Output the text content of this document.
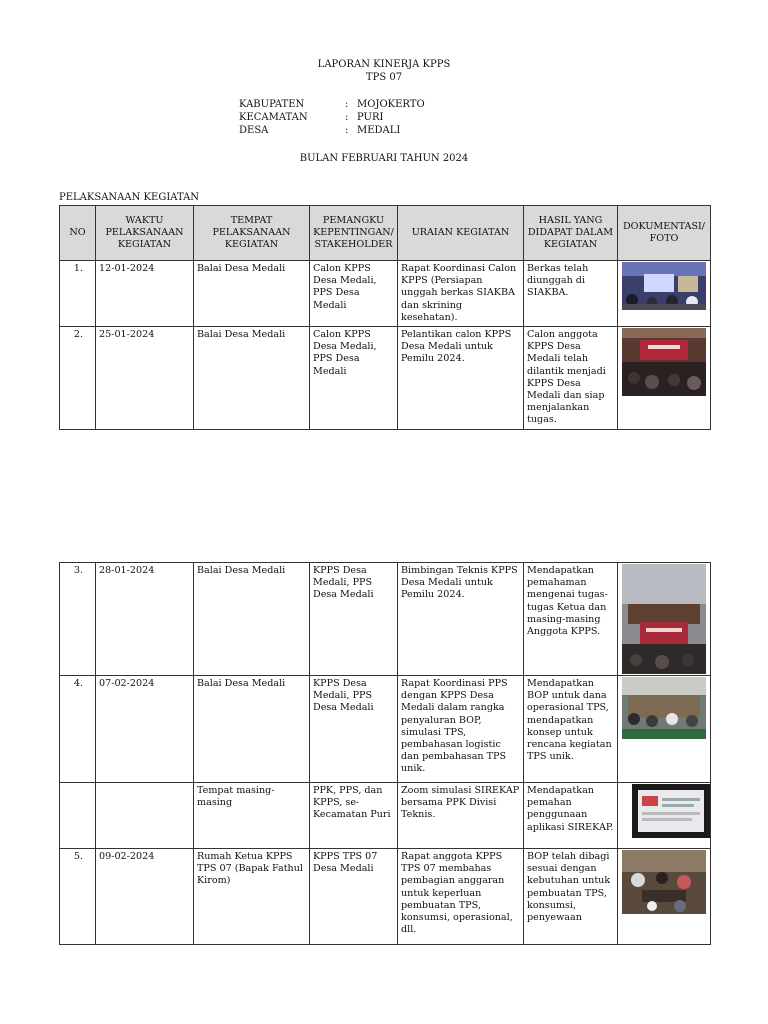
LAPORAN KINERJA KPPS
TPS 07
KABUPATEN	: MOJOKERTO
KECAMATAN	: PURI
DESA	: MEDALI
BULAN FEBRUARI TAHUN 2024
PELAKSANAAN KEGIATAN
NO	WAKTU PELAKSANAAN KEGIATAN	TEMPAT PELAKSANAAN KEGIATAN	PEMANGKU KEPENTINGAN/ STAKEHOLDER	URAIAN KEGIATAN	HASIL YANG DIDAPAT DALAM KEGIATAN	DOKUMENTASI/ FOTO
1.	12-01-2024	Balai Desa Medali	Calon KPPS Desa Medali, PPS Desa Medali	Rapat Koordinasi Calon KPPS (Persiapan unggah berkas SIAKBA dan skrining kesehatan).	Berkas telah diunggah di SIAKBA.	

2.	25-01-2024	Balai Desa Medali	Calon KPPS Desa Medali, PPS Desa Medali	Pelantikan calon KPPS Desa Medali untuk Pemilu 2024.	Calon anggota KPPS Desa Medali telah dilantik menjadi KPPS Desa Medali dan siap menjalankan tugas.	
3.	28-01-2024	Balai Desa Medali	KPPS Desa Medali, PPS Desa Medali	Bimbingan Teknis KPPS Desa Medali untuk Pemilu 2024.	Mendapatkan pemahaman mengenai tugas-tugas Ketua dan masing-masing Anggota KPPS.	

4.	07-02-2024	Balai Desa Medali	KPPS Desa Medali, PPS Desa Medali	Rapat Koordinasi PPS dengan KPPS Desa Medali dalam rangka penyaluran BOP, simulasi TPS, pembahasan logistic dan pembahasan TPS unik.	Mendapatkan BOP untuk dana operasional TPS, mendapatkan konsep untuk rencana kegiatan TPS unik.	

		Tempat masing-masing	PPK, PPS, dan KPPS, se-Kecamatan Puri	Zoom simulasi SIREKAP bersama PPK Divisi Teknis.	Mendapatkan pemahan penggunaan aplikasi SIREKAP.	

5.	09-02-2024	Rumah Ketua KPPS TPS 07 (Bapak Fathul Kirom)	KPPS TPS 07 Desa Medali	Rapat anggota KPPS TPS 07 membahas pembagian anggaran untuk keperluan pembuatan TPS, konsumsi, operasional, dll.	BOP telah dibagi sesuai dengan kebutuhan untuk pembuatan TPS, konsumsi, penyewaan	
